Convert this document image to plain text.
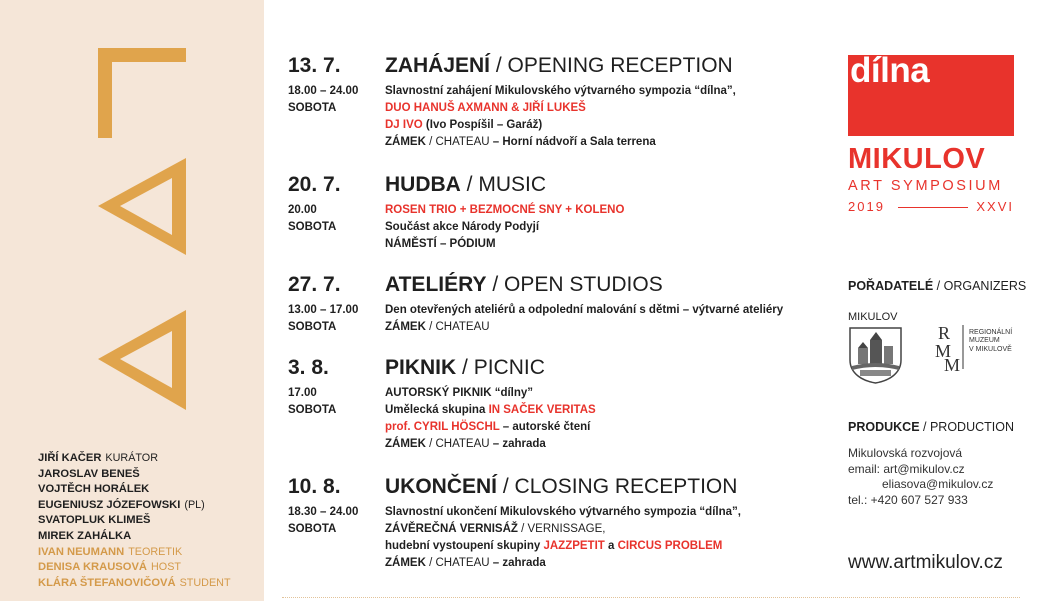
JIŘÍ KAČER KURÁTOR
JAROSLAV BENEŠ
VOJTĚCH HORÁLEK
EUGENIUSZ JÓZEFOWSKI (PL)
SVATOPLUK KLIMEŠ
MIREK ZAHÁLKA
IVAN NEUMANN TEORETIK
DENISA KRAUSOVÁ HOST
KLÁRA ŠTEFANOVIČOVÁ STUDENT
13. 7. ZAHÁJENÍ / OPENING RECEPTION
18.00 – 24.00
SOBOTA
Slavnostní zahájení Mikulovského výtvarného sympozia “dílna”,
DUO HANUŠ AXMANN & JIŘÍ LUKEŠ
DJ IVO (Ivo Pospíšil – Garáž)
ZÁMEK / CHATEAU – Horní nádvoří a Sala terrena
20. 7. HUDBA / MUSIC
20.00
SOBOTA
ROSEN TRIO + BEZMOCNÉ SNY + KOLENO
Součást akce Národy Podyjí
NÁMĚSTÍ – PÓDIUM
27. 7. ATELIÉRY / OPEN STUDIOS
13.00 – 17.00
SOBOTA
Den otevřených ateliérů a odpolední malování s dětmi – výtvarné ateliéry
ZÁMEK / CHATEAU
3. 8.	PIKNIK / PICNIC
17.00
SOBOTA
AUTORSKÝ PIKNIK “dílny”
Umělecká skupina IN SAČEK VERITAS
prof. CYRIL HÖSCHL – autorské čtení
ZÁMEK / CHATEAU – zahrada
10. 8. UKONČENÍ / CLOSING RECEPTION
18.30 – 24.00
SOBOTA
Slavnostní ukončení Mikulovského výtvarného sympozia “dílna”,
ZÁVĚREČNÁ VERNISÁŽ / VERNISSAGE,
hudební vystoupení skupiny JAZZPETIT a CIRCUS PROBLEM
ZÁMEK / CHATEAU – zahrada
dílna
MIKULOV
ART SYMPOSIUM
2019	XXVI
POŘADATELÉ / ORGANIZERS
MIKULOV
R
M
M
REGIONÁLNÍ
MUZEUM
V MIKULOVĚ
PRODUKCE / PRODUCTION
Mikulovská rozvojová
email: art@mikulov.cz
eliasova@mikulov.cz
tel.: +420 607 527 933
www.artmikulov.cz
